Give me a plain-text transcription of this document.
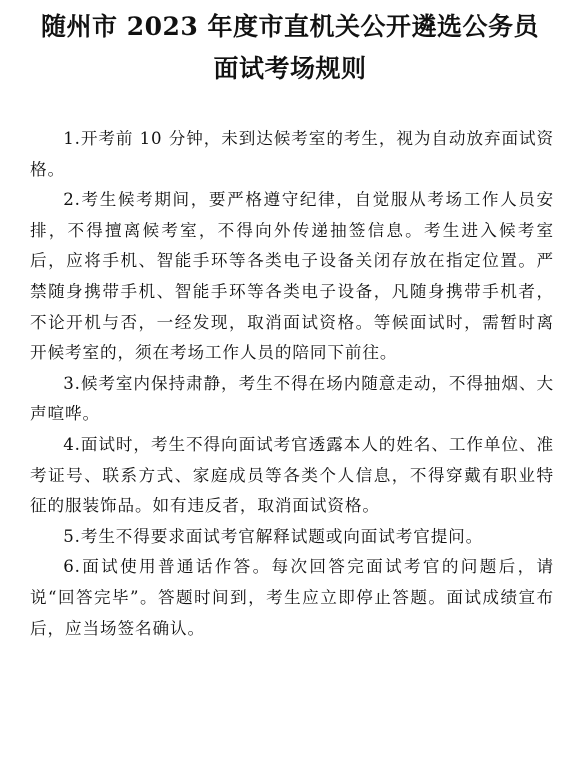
随州市 2023 年度市直机关公开遴选公务员
面试考场规则

1.开考前 10 分钟，未到达候考室的考生，视为自动放弃面试资格。

2.考生候考期间，要严格遵守纪律，自觉服从考场工作人员安排，不得擅离候考室，不得向外传递抽签信息。考生进入候考室后，应将手机、智能手环等各类电子设备关闭存放在指定位置。严禁随身携带手机、智能手环等各类电子设备，凡随身携带手机者，不论开机与否，一经发现，取消面试资格。等候面试时，需暂时离开候考室的，须在考场工作人员的陪同下前往。

3.候考室内保持肃静，考生不得在场内随意走动，不得抽烟、大声喧哗。

4.面试时，考生不得向面试考官透露本人的姓名、工作单位、准考证号、联系方式、家庭成员等各类个人信息，不得穿戴有职业特征的服装饰品。如有违反者，取消面试资格。

5.考生不得要求面试考官解释试题或向面试考官提问。

6.面试使用普通话作答。每次回答完面试考官的问题后，请说“回答完毕”。答题时间到，考生应立即停止答题。面试成绩宣布后，应当场签名确认。
